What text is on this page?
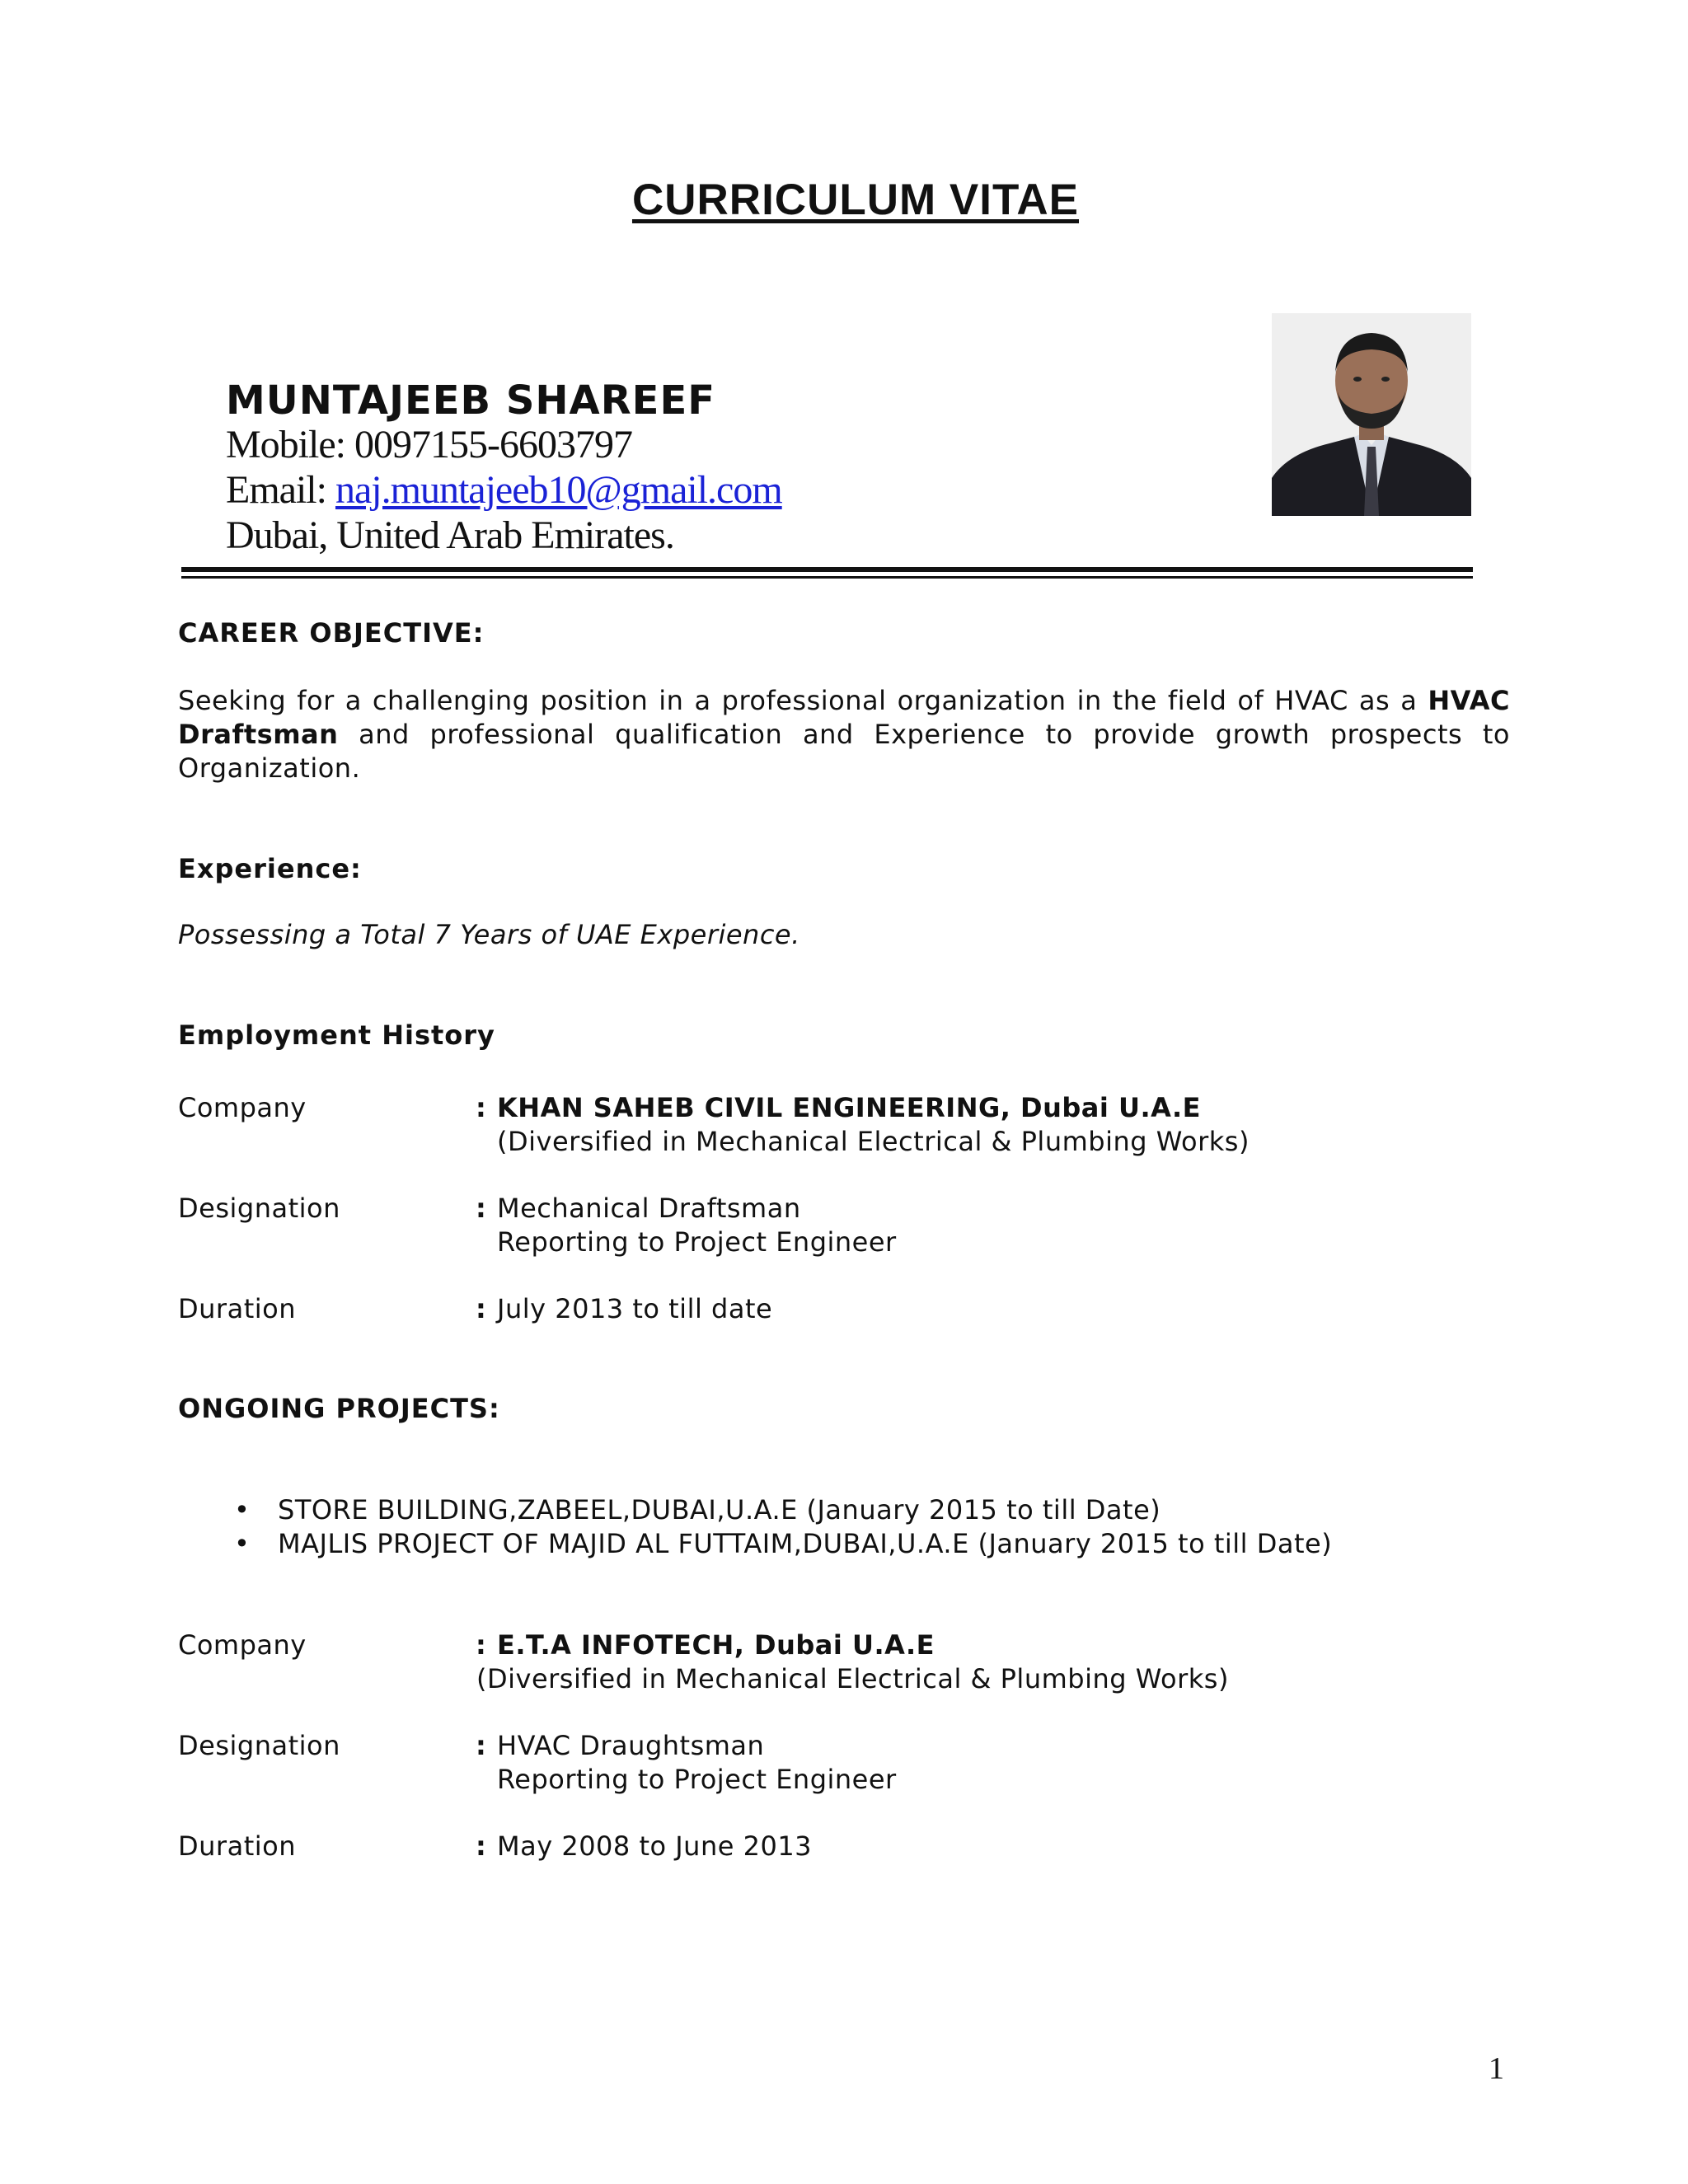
CURRICULUM VITAE
MUNTAJEEB SHAREEF
Mobile: 0097155-6603797
Email: naj.muntajeeb10@gmail.com
Dubai, United Arab Emirates.
CAREER OBJECTIVE:
Seeking for a challenging position in a professional organization in the field of HVAC as a HVAC Draftsman and professional qualification and Experience to provide growth prospects to Organization.
Experience:
Possessing a Total 7 Years of UAE Experience.
Employment History
Company	: KHAN SAHEB CIVIL ENGINEERING, Dubai U.A.E
(Diversified in Mechanical Electrical & Plumbing Works)
Designation	: Mechanical Draftsman
Reporting to Project Engineer
Duration	: July 2013 to till date
ONGOING PROJECTS:
• STORE BUILDING,ZABEEL,DUBAI,U.A.E (January 2015 to till Date)
• MAJLIS PROJECT OF MAJID AL FUTTAIM,DUBAI,U.A.E (January 2015 to till Date)
Company	: E.T.A INFOTECH, Dubai U.A.E
(Diversified in Mechanical Electrical & Plumbing Works)
Designation	: HVAC Draughtsman
Reporting to Project Engineer
Duration	: May 2008 to June 2013
1
